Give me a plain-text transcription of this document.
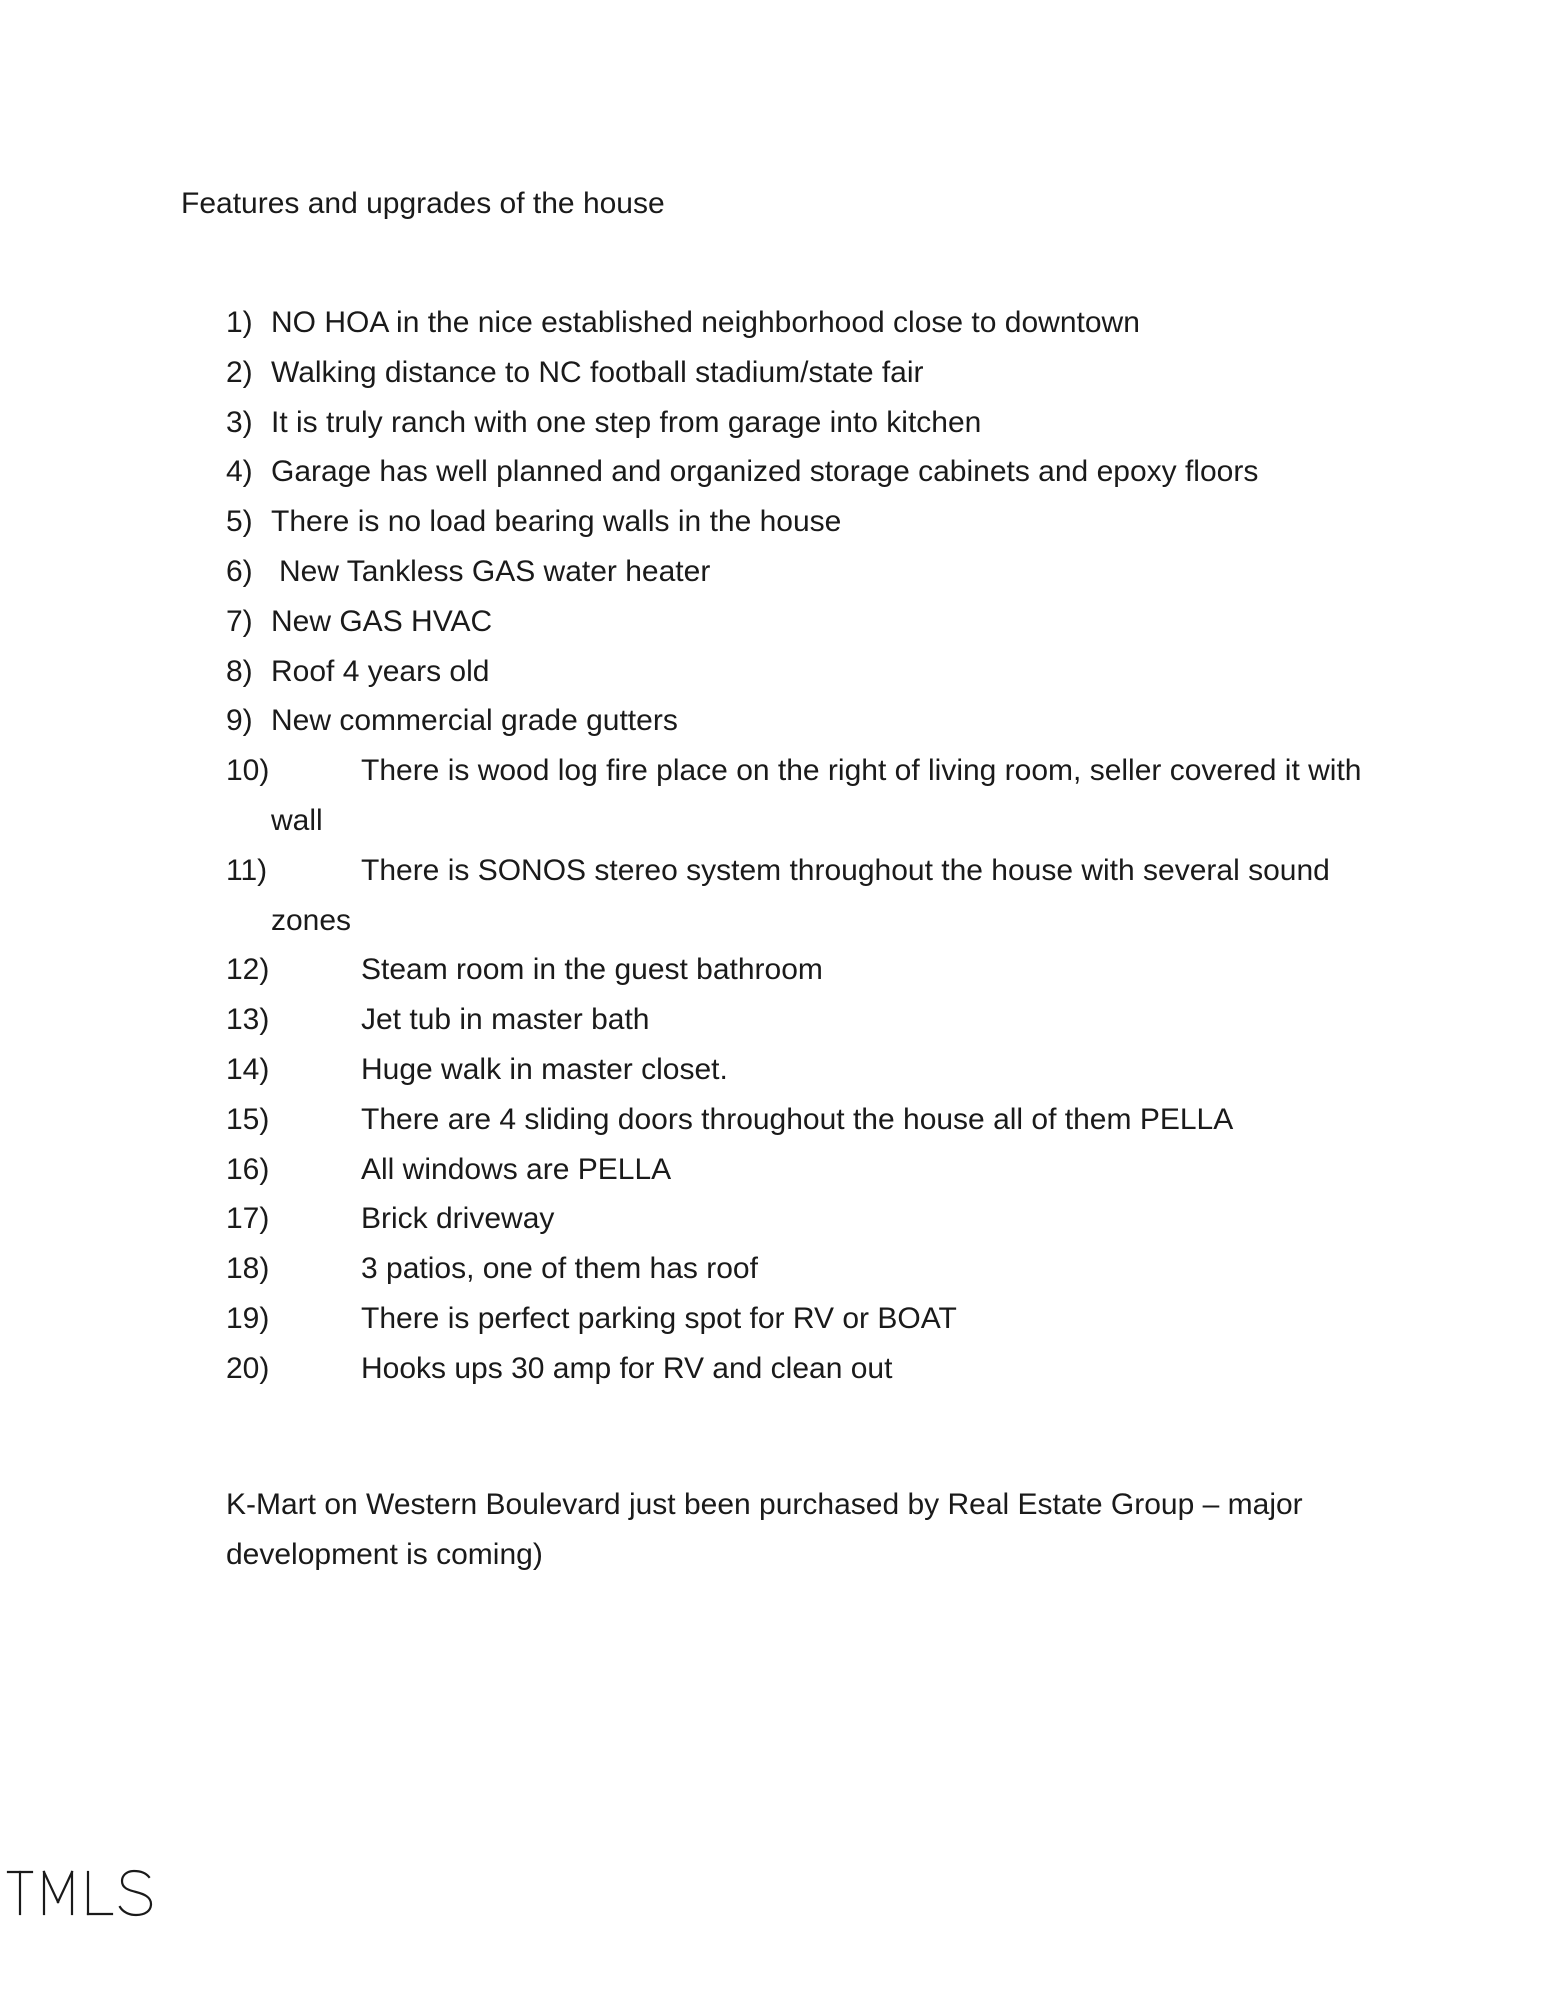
Features and upgrades of the house
1) NO HOA in the nice established neighborhood close to downtown
2) Walking distance to NC football stadium/state fair
3) It is truly ranch with one step from garage into kitchen
4) Garage has well planned and organized storage cabinets and epoxy floors
5) There is no load bearing walls in the house
6) New Tankless GAS water heater
7) New GAS HVAC
8) Roof 4 years old
9) New commercial grade gutters
10)	There is wood log fire place on the right of living room, seller covered it with wall
11)	There is SONOS stereo system throughout the house with several sound zones
12)	Steam room in the guest bathroom
13)	Jet tub in master bath
14)	Huge walk in master closet.
15)	There are 4 sliding doors throughout the house all of them PELLA
16)	All windows are PELLA
17)	Brick driveway
18)	3 patios, one of them has roof
19)	There is perfect parking spot for RV or BOAT
20)	Hooks ups 30 amp for RV and clean out

K-Mart on Western Boulevard just been purchased by Real Estate Group – major development is coming)
